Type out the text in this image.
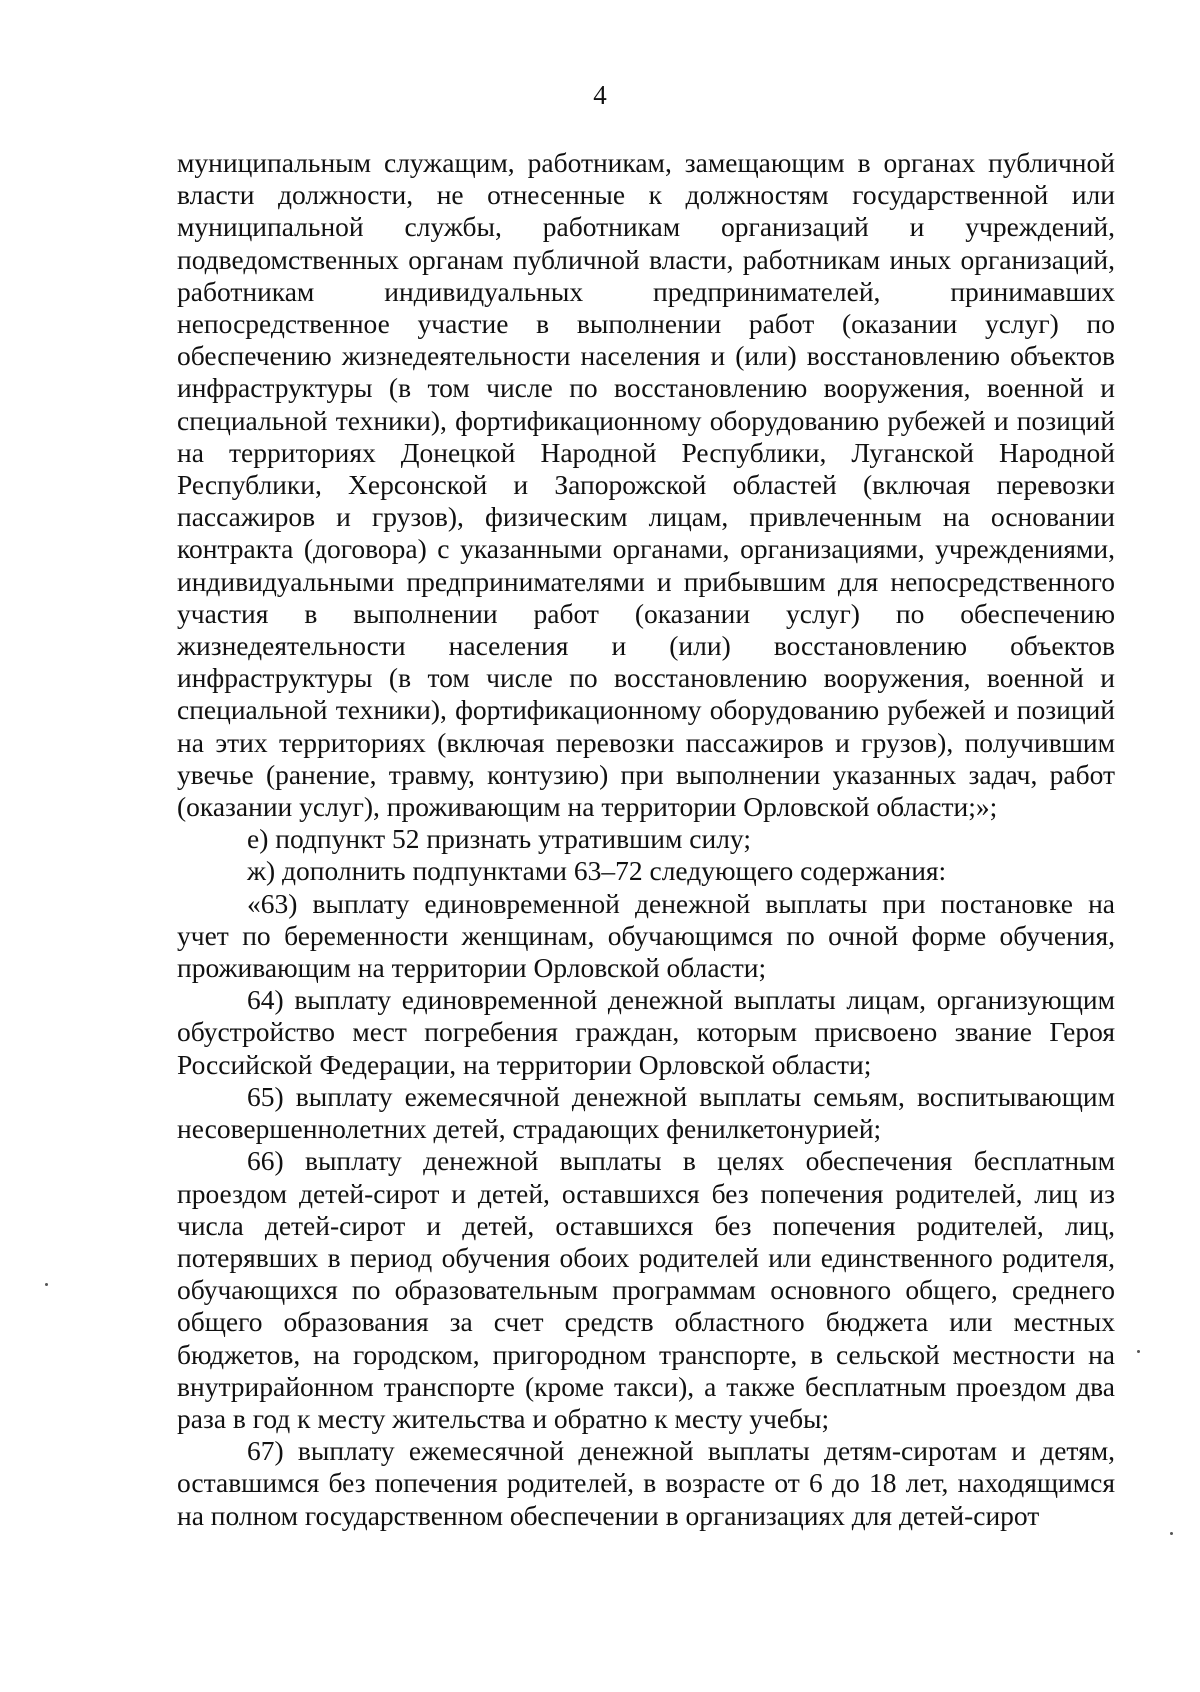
4

муниципальным служащим, работникам, замещающим в органах публичной власти должности, не отнесенные к должностям государственной или муниципальной службы, работникам организаций и учреждений, подведомственных органам публичной власти, работникам иных организаций, работникам индивидуальных предпринимателей, принимавших непосредственное участие в выполнении работ (оказании услуг) по обеспечению жизнедеятельности населения и (или) восстановлению объектов инфраструктуры (в том числе по восстановлению вооружения, военной и специальной техники), фортификационному оборудованию рубежей и позиций на территориях Донецкой Народной Республики, Луганской Народной Республики, Херсонской и Запорожской областей (включая перевозки пассажиров и грузов), физическим лицам, привлеченным на основании контракта (договора) с указанными органами, организациями, учреждениями, индивидуальными предпринимателями и прибывшим для непосредственного участия в выполнении работ (оказании услуг) по обеспечению жизнедеятельности населения и (или) восстановлению объектов инфраструктуры (в том числе по восстановлению вооружения, военной и специальной техники), фортификационному оборудованию рубежей и позиций на этих территориях (включая перевозки пассажиров и грузов), получившим увечье (ранение, травму, контузию) при выполнении указанных задач, работ (оказании услуг), проживающим на территории Орловской области;»;

е) подпункт 52 признать утратившим силу;

ж) дополнить подпунктами 63–72 следующего содержания:

«63) выплату единовременной денежной выплаты при постановке на учет по беременности женщинам, обучающимся по очной форме обучения, проживающим на территории Орловской области;

64) выплату единовременной денежной выплаты лицам, организующим обустройство мест погребения граждан, которым присвоено звание Героя Российской Федерации, на территории Орловской области;

65) выплату ежемесячной денежной выплаты семьям, воспитывающим несовершеннолетних детей, страдающих фенилкетонурией;

66) выплату денежной выплаты в целях обеспечения бесплатным проездом детей-сирот и детей, оставшихся без попечения родителей, лиц из числа детей-сирот и детей, оставшихся без попечения родителей, лиц, потерявших в период обучения обоих родителей или единственного родителя, обучающихся по образовательным программам основного общего, среднего общего образования за счет средств областного бюджета или местных бюджетов, на городском, пригородном транспорте, в сельской местности на внутрирайонном транспорте (кроме такси), а также бесплатным проездом два раза в год к месту жительства и обратно к месту учебы;

67) выплату ежемесячной денежной выплаты детям-сиротам и детям, оставшимся без попечения родителей, в возрасте от 6 до 18 лет, находящимся на полном государственном обеспечении в организациях для детей-сирот
